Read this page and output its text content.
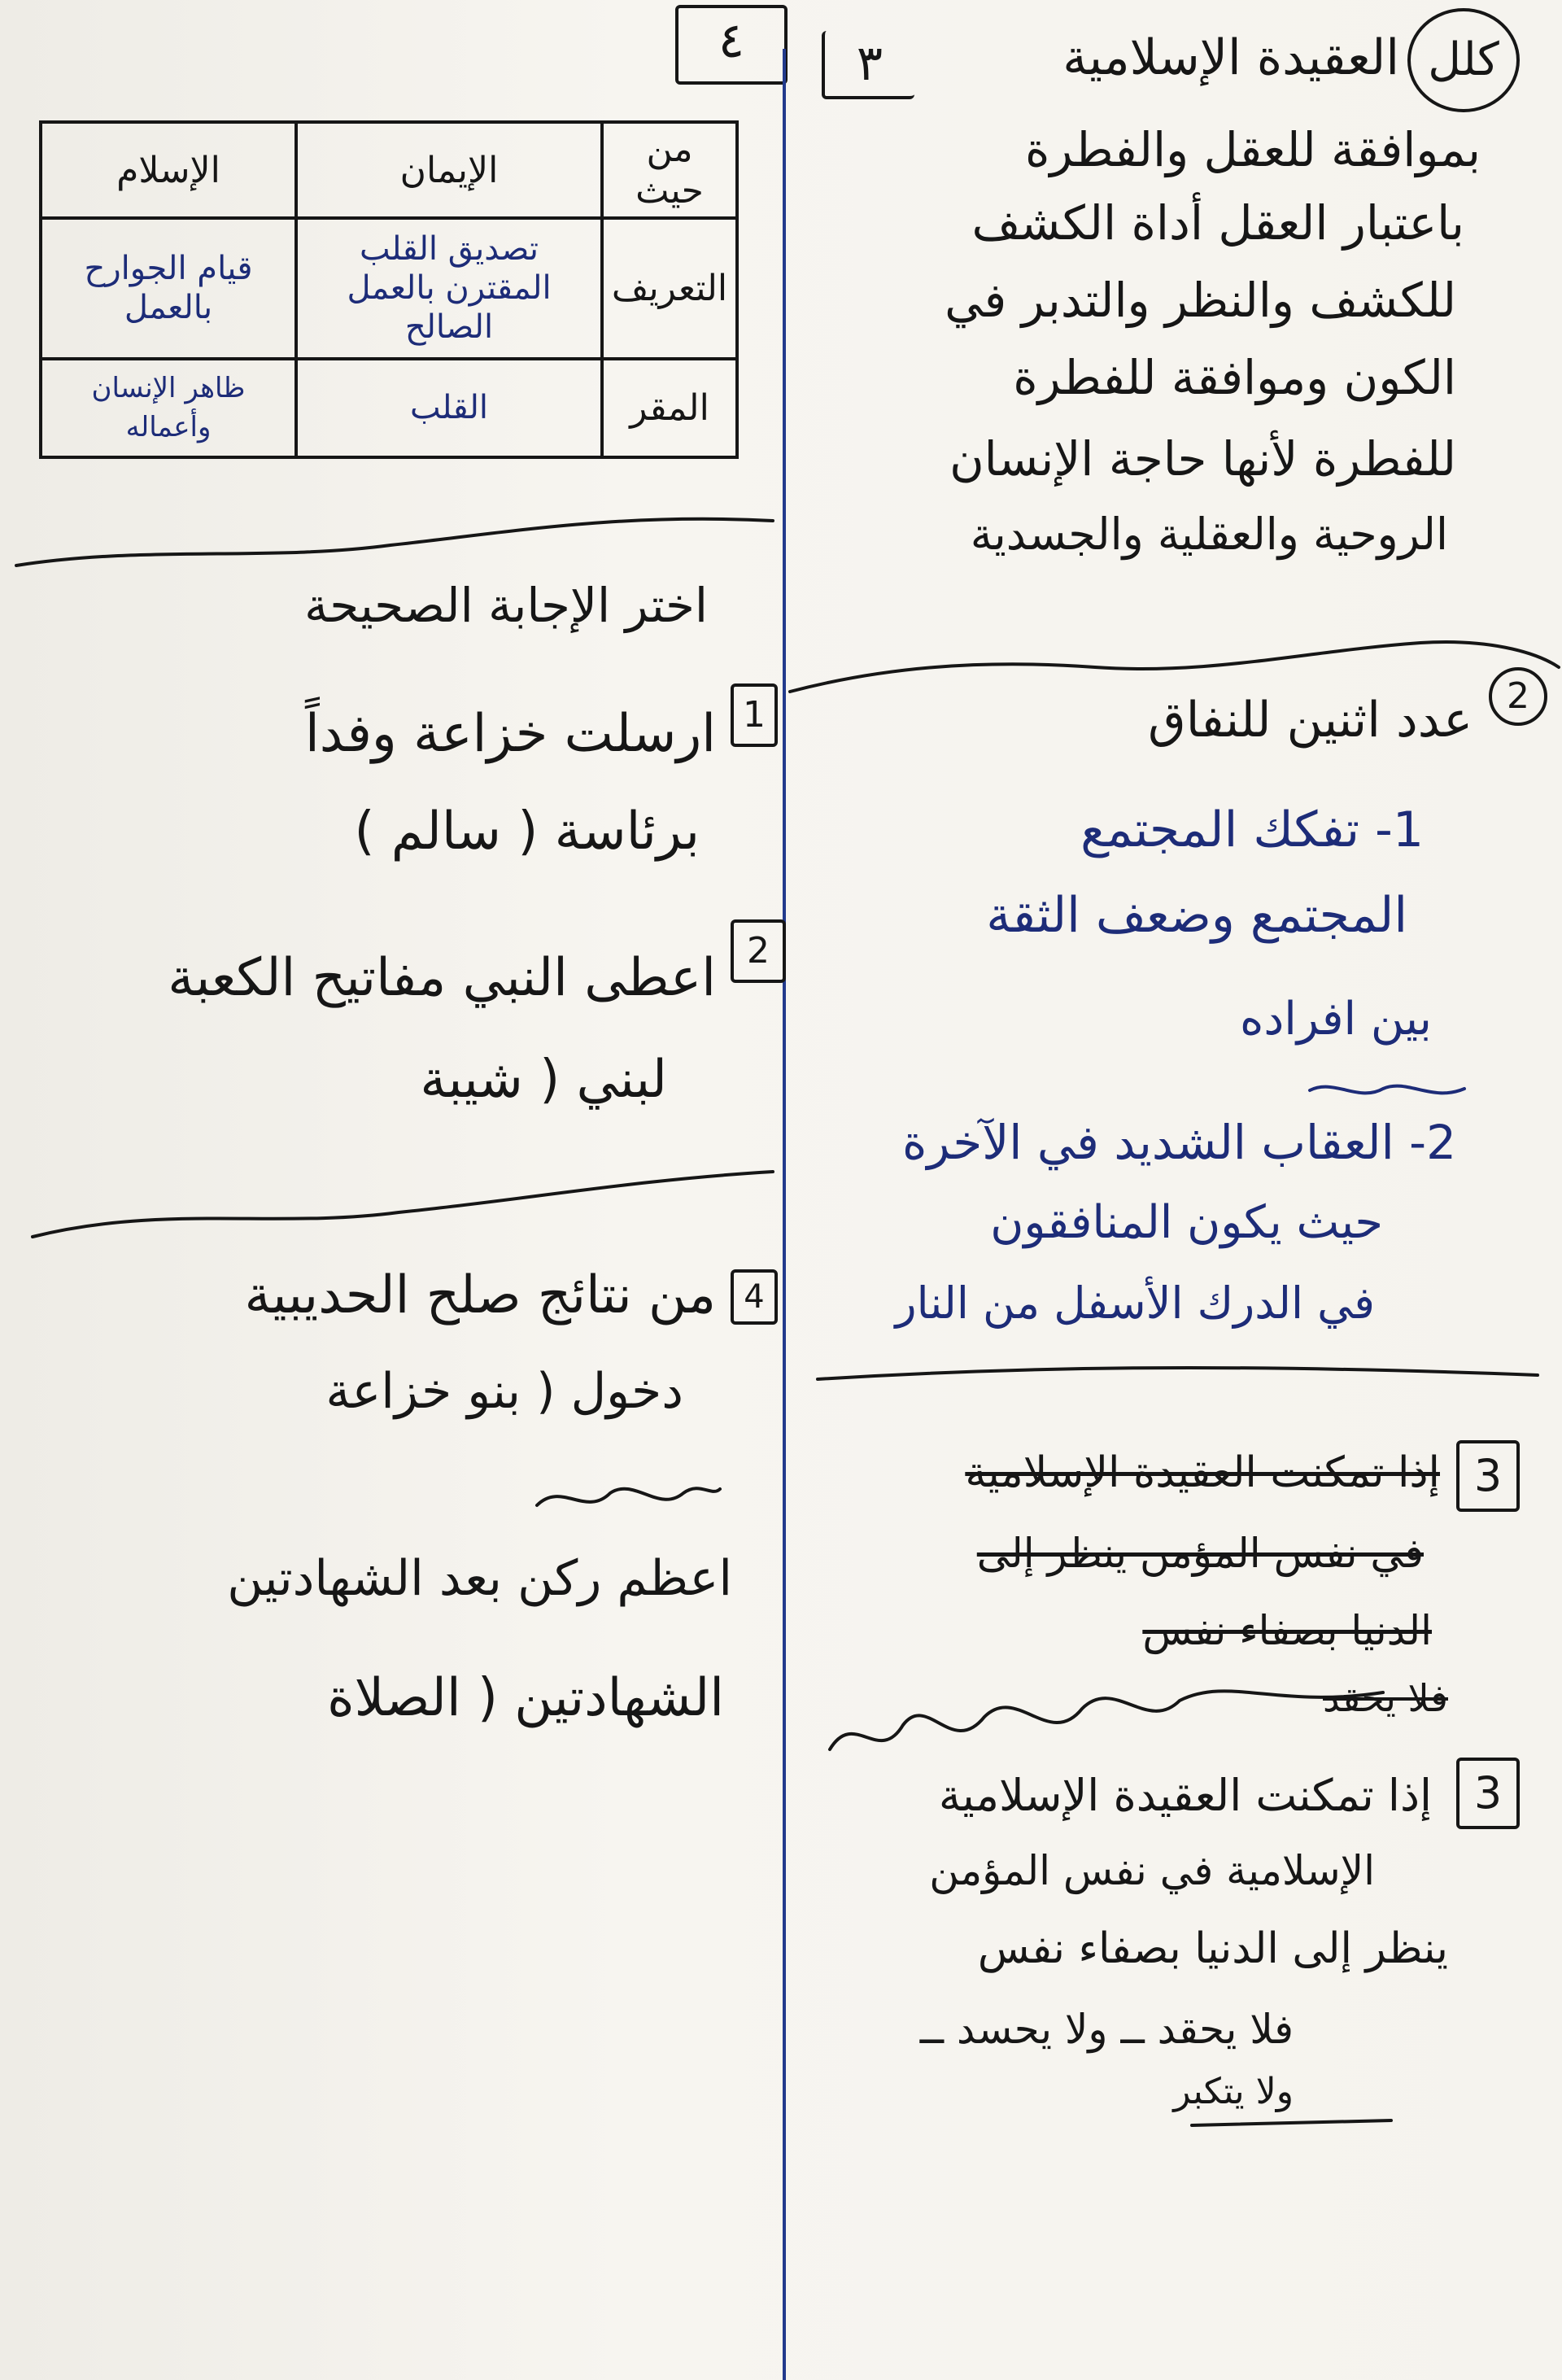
٤	٣	كلل
العقيدة الإسلامية
بموافقة للعقل والفطرة
باعتبار العقل أداة الكشف
للكشف والنظر والتدبر في
الكون وموافقة للفطرة
للفطرة لأنها حاجة الإنسان
الروحية والعقلية والجسدية
2
عدد اثنين للنفاق
1- تفكك المجتمع
المجتمع وضعف الثقة
بين افراده
2- العقاب الشديد في الآخرة
حيث يكون المنافقون
في الدرك الأسفل من النار
3
إذا تمكنت العقيدة الإسلامية
في نفس المؤمن ينظر إلى
الدنيا بصفاء نفس
فلا يحقد
3
إذا تمكنت العقيدة الإسلامية
الإسلامية في نفس المؤمن
ينظر إلى الدنيا بصفاء نفس
فلا يحقد ــ ولا يحسد ــ
ولا يتكبر
من حيث	الإيمان	الإسلام
التعريف	تصديق القلب المقترن بالعمل الصالح	قيام الجوارح بالعمل
المقر	القلب	ظاهر الإنسان وأعماله
اختر الإجابة الصحيحة
1
ارسلت خزاعة وفداً
برئاسة ( سالم )
2
اعطى النبي مفاتيح الكعبة
لبني ( شيبة
4
من نتائج صلح الحديبية
دخول ( بنو خزاعة
اعظم ركن بعد الشهادتين
الشهادتين ( الصلاة
